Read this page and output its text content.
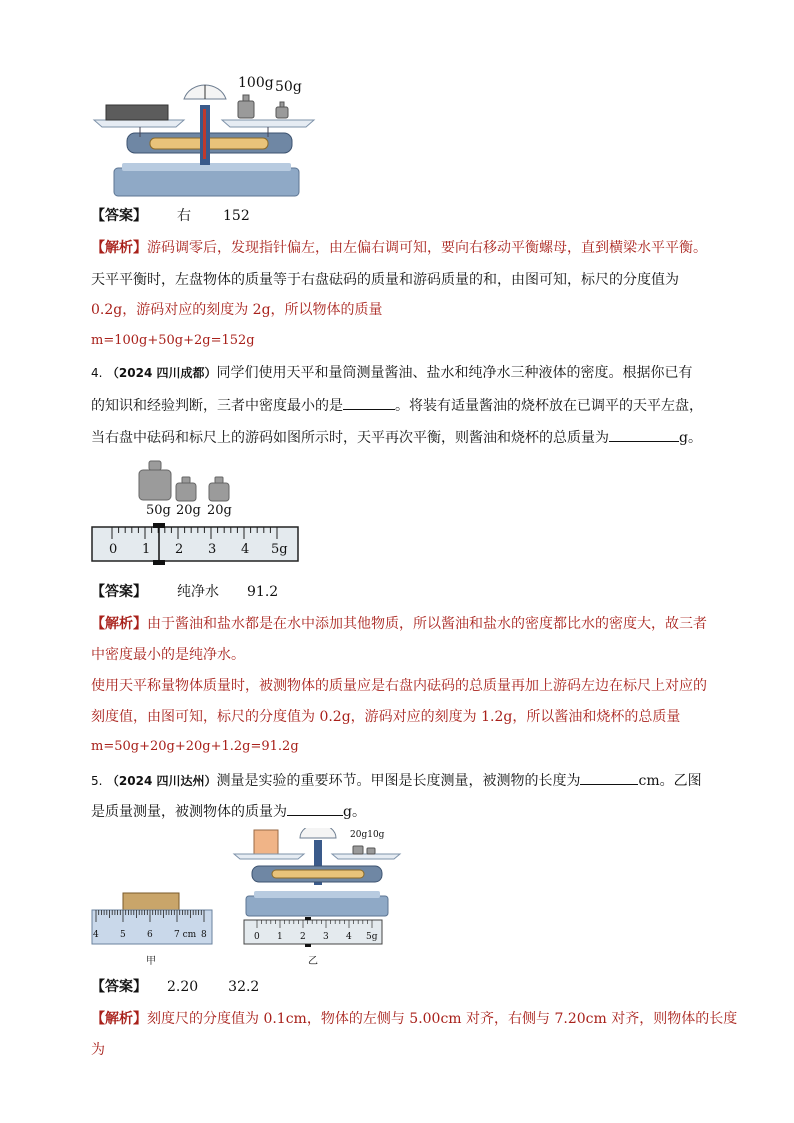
100g 50g
【答案】 右 152
【解析】游码调零后，发现指针偏左，由左偏右调可知，要向右移动平衡螺母，直到横梁水平平衡。
天平平衡时，左盘物体的质量等于右盘砝码的质量和游码质量的和，由图可知，标尺的分度值为
0.2g，游码对应的刻度为 2g，所以物体的质量
m=100g+50g+2g=152g
4. （2024 四川成都）同学们使用天平和量筒测量酱油、盐水和纯净水三种液体的密度。根据你已有
的知识和经验判断，三者中密度最小的是	。将装有适量酱油的烧杯放在已调平的天平左盘，
当右盘中砝码和标尺上的游码如图所示时，天平再次平衡，则酱油和烧杯的总质量为	g。
50g 20g 20g
0 1 2 3 4 5g
【答案】 纯净水 91.2
【解析】由于酱油和盐水都是在水中添加其他物质，所以酱油和盐水的密度都比水的密度大，故三者
中密度最小的是纯净水。
使用天平称量物体质量时，被测物体的质量应是右盘内砝码的总质量再加上游码左边在标尺上对应的
刻度值，由图可知，标尺的分度值为 0.2g，游码对应的刻度为 1.2g，所以酱油和烧杯的总质量
m=50g+20g+20g+1.2g=91.2g
5. （2024 四川达州）测量是实验的重要环节。甲图是长度测量，被测物的长度为	cm。乙图
是质量测量，被测物体的质量为	g。
4 5 6 7 cm 8
甲
20g10g
0 1 2 3 4 5g
乙
【答案】 2.20 32.2
【解析】刻度尺的分度值为 0.1cm，物体的左侧与 5.00cm 对齐，右侧与 7.20cm 对齐，则物体的长度
为
